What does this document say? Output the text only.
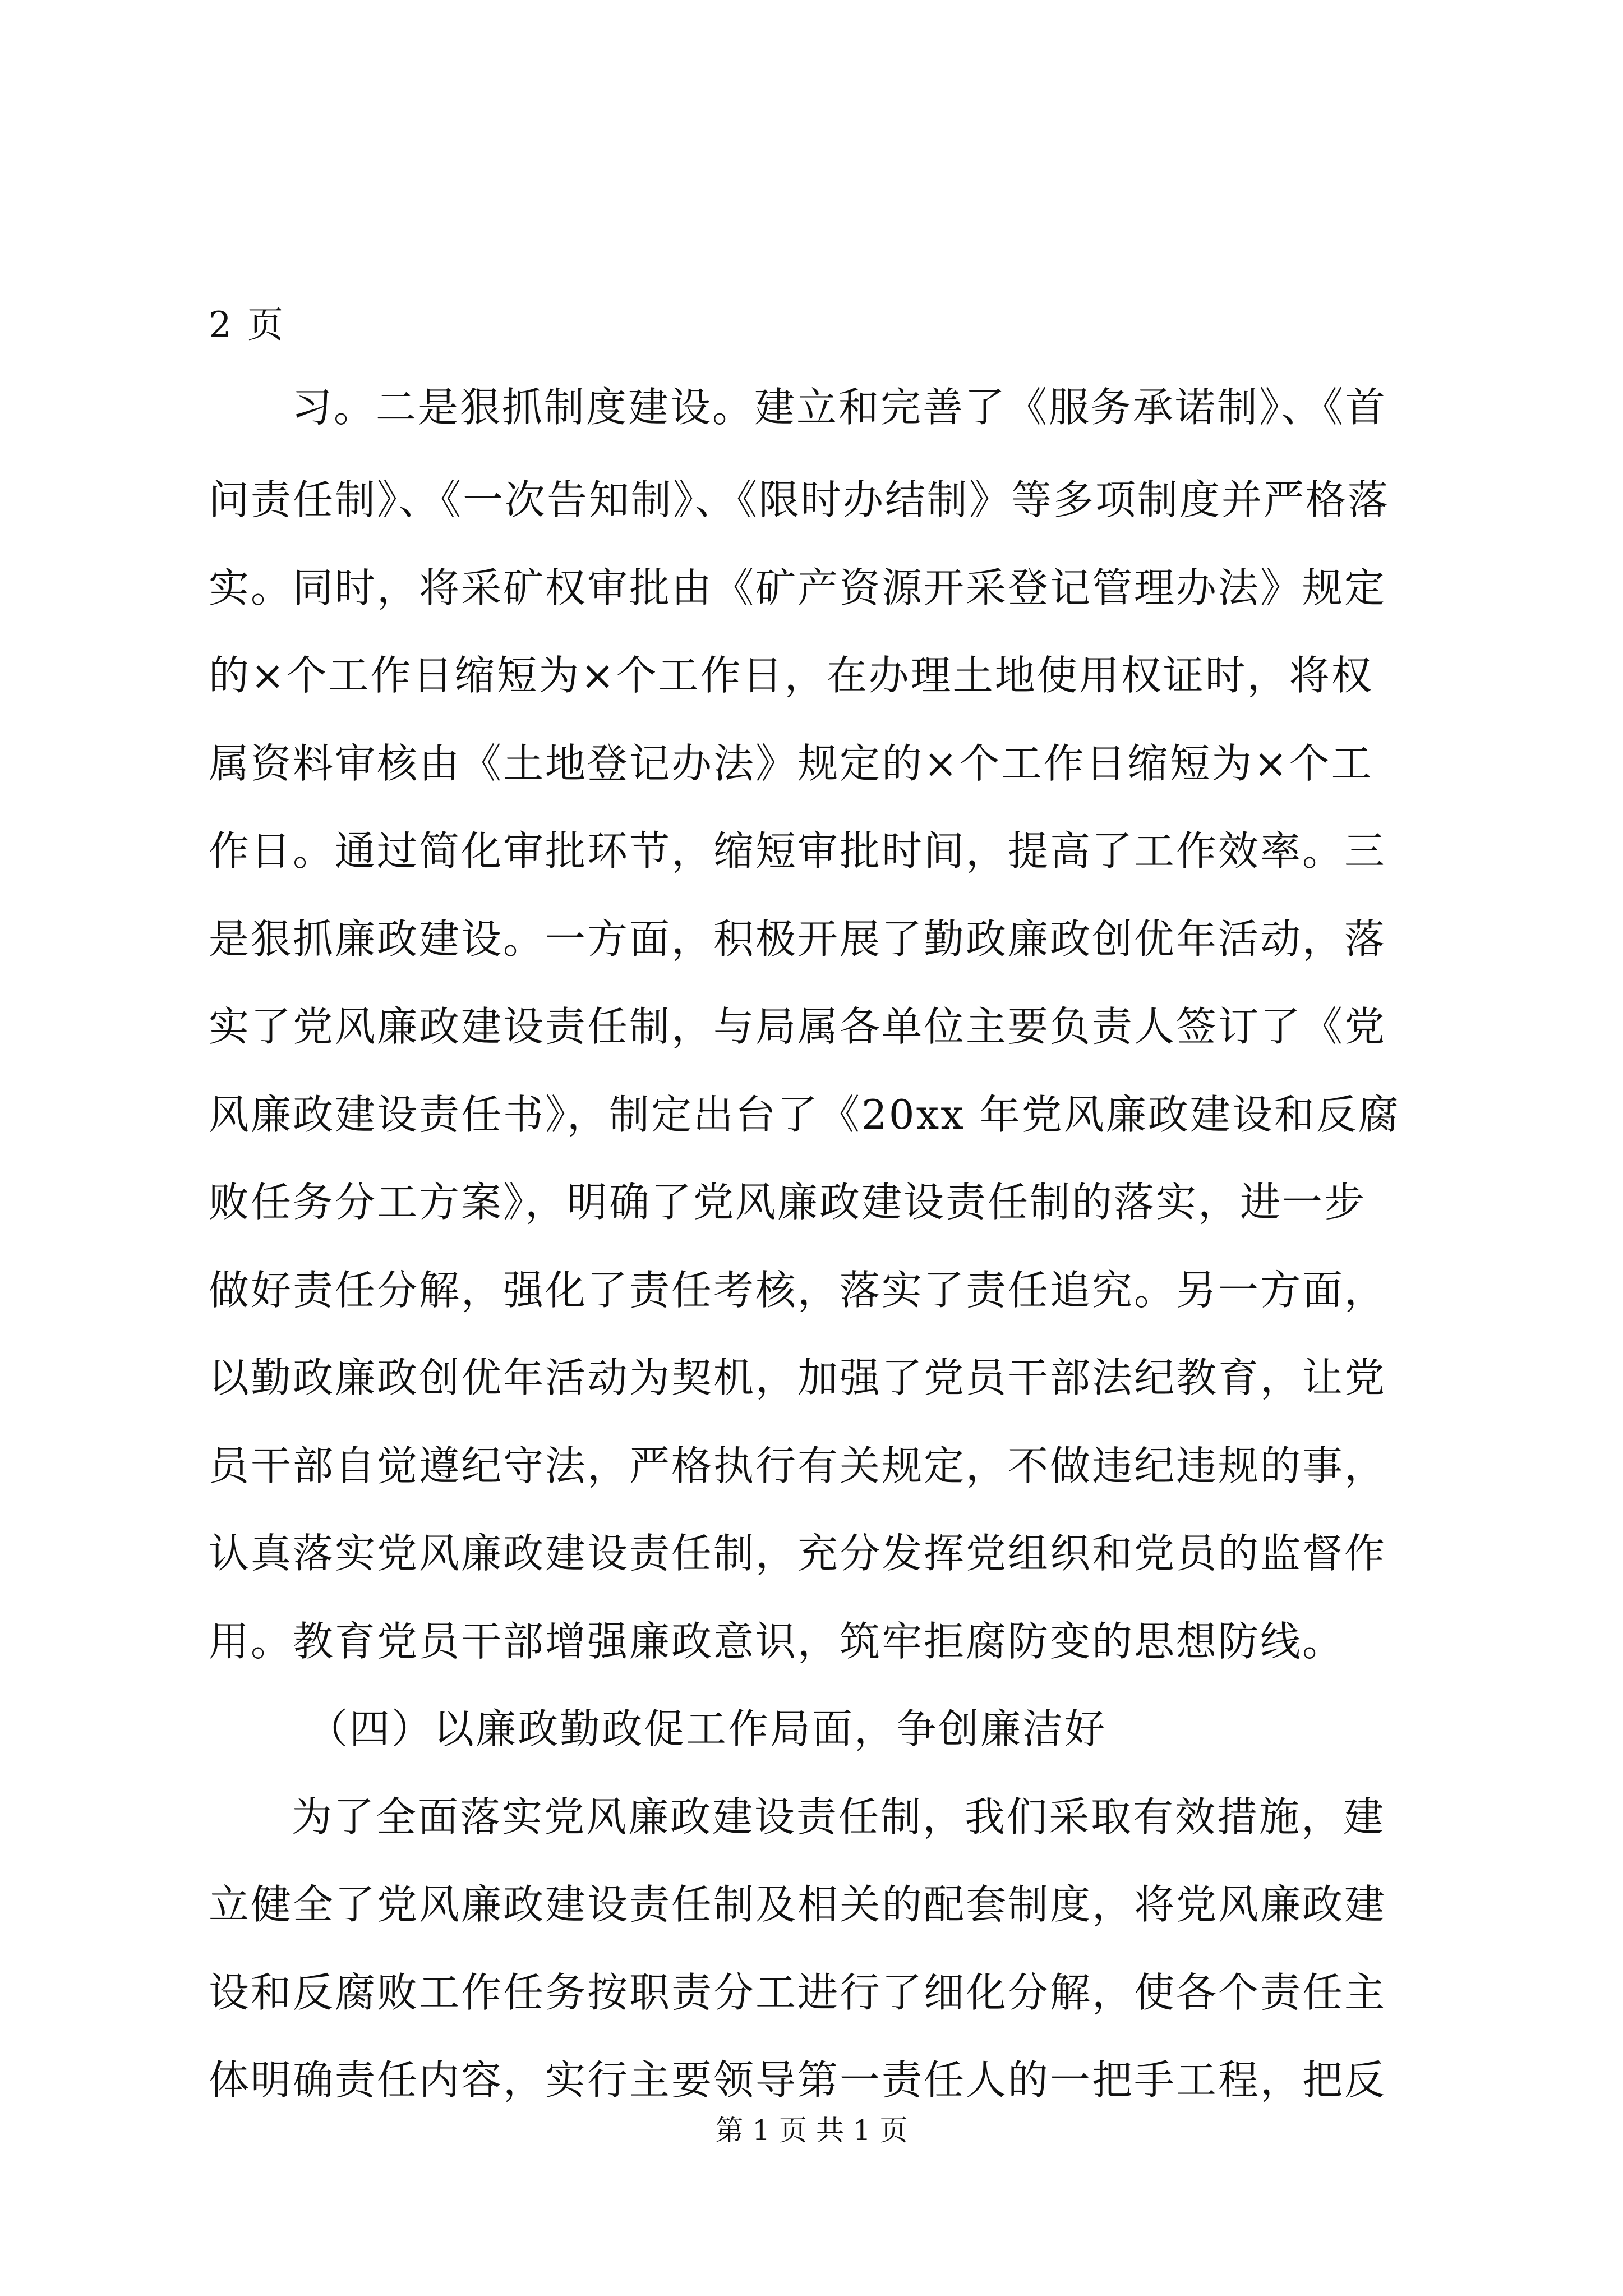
2 页
习。二是狠抓制度建设。建立和完善了《服务承诺制》、《首
问责任制》、《一次告知制》、《限时办结制》等多项制度并严格落
实。同时，将采矿权审批由《矿产资源开采登记管理办法》规定
的×个工作日缩短为×个工作日，在办理土地使用权证时，将权
属资料审核由《土地登记办法》规定的×个工作日缩短为×个工
作日。通过简化审批环节，缩短审批时间，提高了工作效率。三
是狠抓廉政建设。一方面，积极开展了勤政廉政创优年活动，落
实了党风廉政建设责任制，与局属各单位主要负责人签订了《党
风廉政建设责任书》，制定出台了《20xx 年党风廉政建设和反腐
败任务分工方案》，明确了党风廉政建设责任制的落实，进一步
做好责任分解，强化了责任考核，落实了责任追究。另一方面，
以勤政廉政创优年活动为契机，加强了党员干部法纪教育，让党
员干部自觉遵纪守法，严格执行有关规定，不做违纪违规的事，
认真落实党风廉政建设责任制，充分发挥党组织和党员的监督作
用。教育党员干部增强廉政意识，筑牢拒腐防变的思想防线。
（四）以廉政勤政促工作局面，争创廉洁好
为了全面落实党风廉政建设责任制，我们采取有效措施，建
立健全了党风廉政建设责任制及相关的配套制度，将党风廉政建
设和反腐败工作任务按职责分工进行了细化分解，使各个责任主
体明确责任内容，实行主要领导第一责任人的一把手工程，把反
第 1 页 共 1 页
